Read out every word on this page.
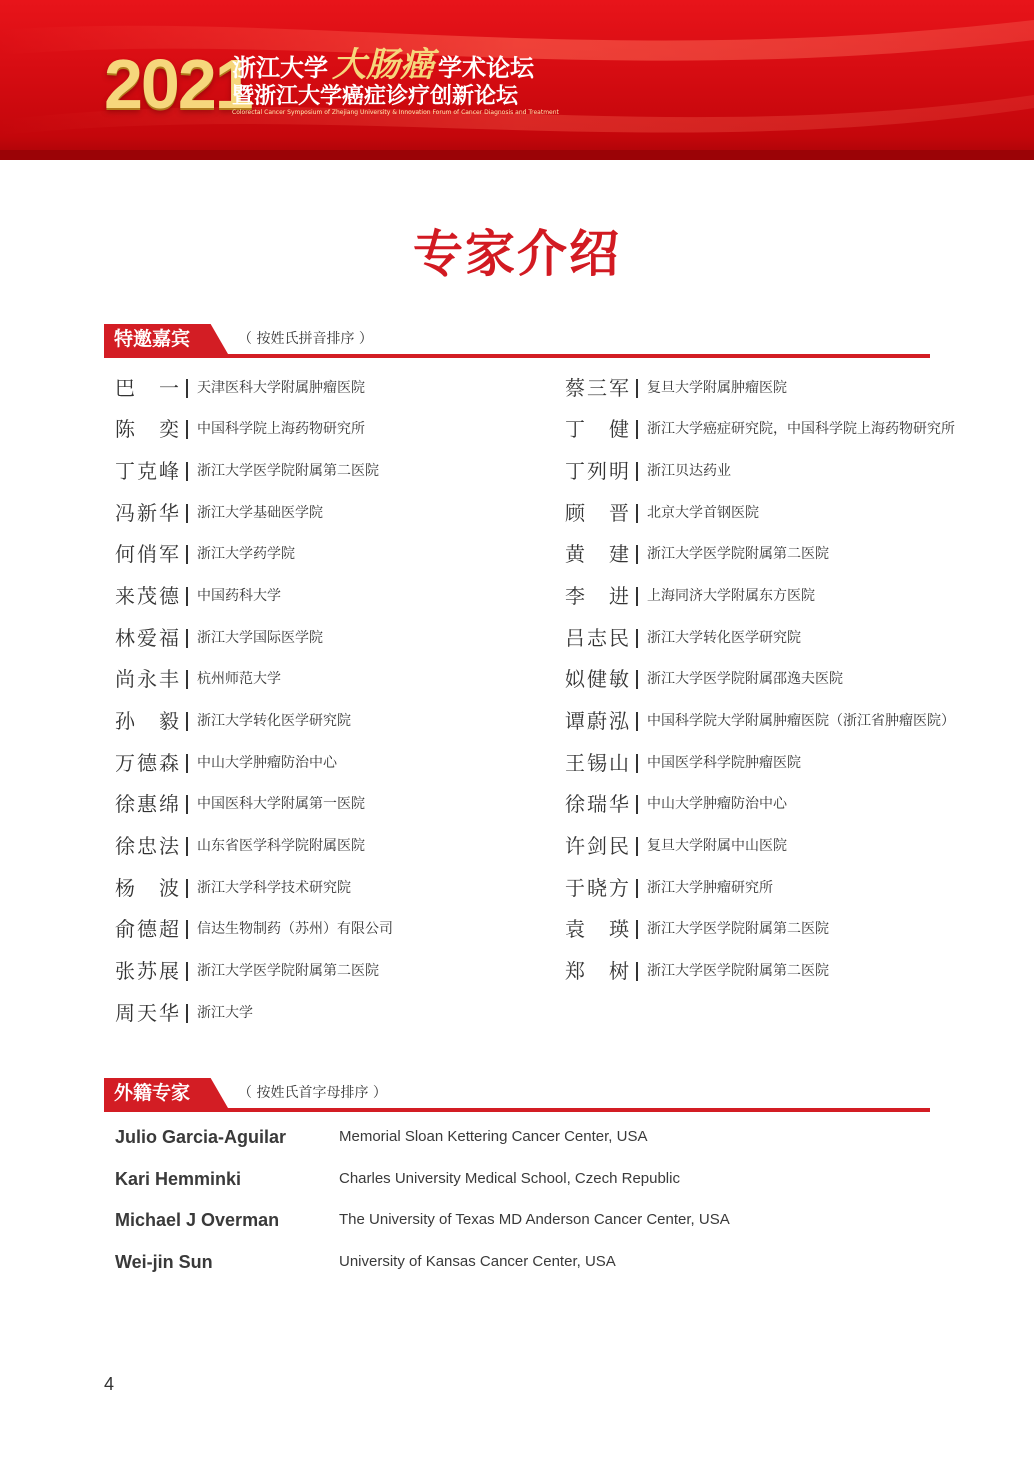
2021
浙江大学 大肠癌 学术论坛
暨浙江大学癌症诊疗创新论坛
Colorectal Cancer Symposium of Zhejiang University & Innovation Forum of Cancer Diagnosis and Treatment
专家介绍
特邀嘉宾	（ 按姓氏拼音排序 ）
巴一 天津医科大学附属肿瘤医院
陈奕 中国科学院上海药物研究所
丁克峰 浙江大学医学院附属第二医院
冯新华 浙江大学基础医学院
何俏军 浙江大学药学院
来茂德 中国药科大学
林爱福 浙江大学国际医学院
尚永丰 杭州师范大学
孙毅 浙江大学转化医学研究院
万德森 中山大学肿瘤防治中心
徐惠绵 中国医科大学附属第一医院
徐忠法 山东省医学科学院附属医院
杨波 浙江大学科学技术研究院
俞德超 信达生物制药（苏州）有限公司
张苏展 浙江大学医学院附属第二医院
周天华 浙江大学
蔡三军 复旦大学附属肿瘤医院
丁健 浙江大学癌症研究院，中国科学院上海药物研究所
丁列明 浙江贝达药业
顾晋 北京大学首钢医院
黄建 浙江大学医学院附属第二医院
李进 上海同济大学附属东方医院
吕志民 浙江大学转化医学研究院
姒健敏 浙江大学医学院附属邵逸夫医院
谭蔚泓 中国科学院大学附属肿瘤医院（浙江省肿瘤医院）
王锡山 中国医学科学院肿瘤医院
徐瑞华 中山大学肿瘤防治中心
许剑民 复旦大学附属中山医院
于晓方 浙江大学肿瘤研究所
袁瑛 浙江大学医学院附属第二医院
郑树 浙江大学医学院附属第二医院
外籍专家	（ 按姓氏首字母排序 ）
Julio Garcia-Aguilar	Memorial Sloan Kettering Cancer Center, USA
Kari Hemminki	Charles University Medical School, Czech Republic
Michael J Overman	The University of Texas MD Anderson Cancer Center, USA
Wei-jin Sun	University of Kansas Cancer Center, USA
4
